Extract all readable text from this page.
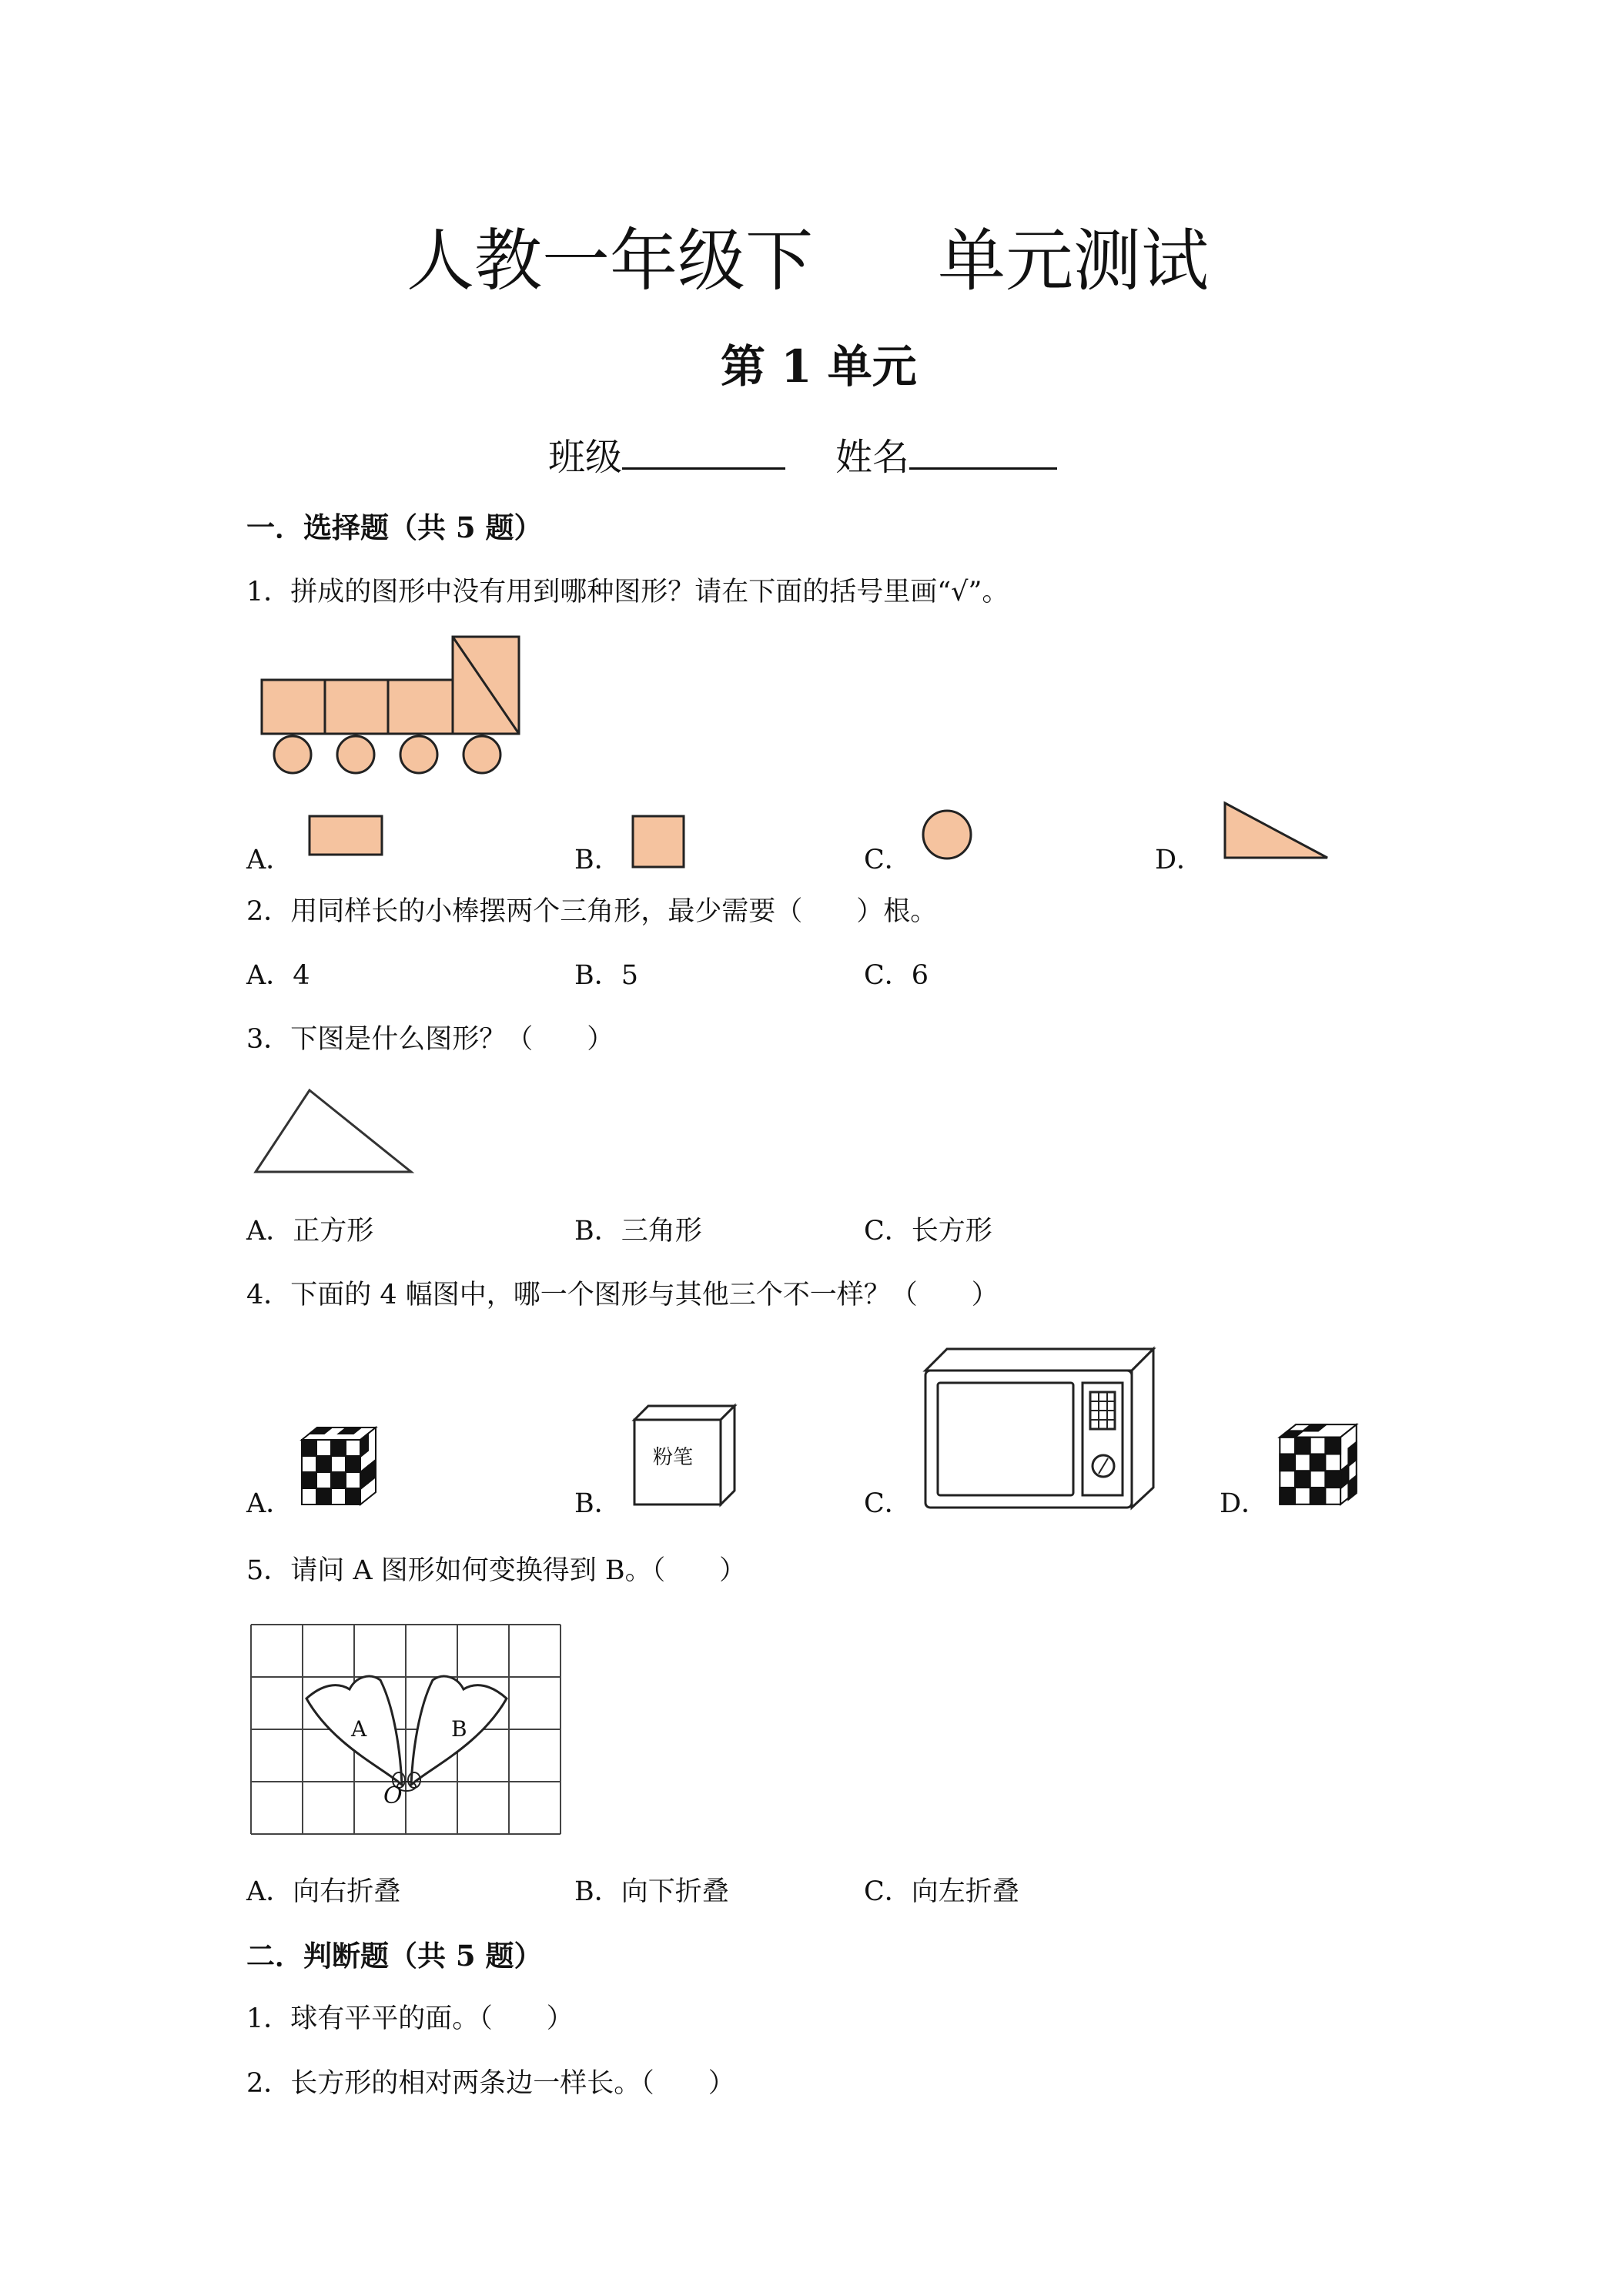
人教一年级下 单元测试
第 1 单元
班级	姓名
一．选择题（共 5 题）
1．拼成的图形中没有用到哪种图形？请在下面的括号里画“√”。
A．	B．	C．	D．
2．用同样长的小棒摆两个三角形，最少需要（　　）根。
A．4	B．5	C．6
3．下图是什么图形？（　　）
A．正方形	B．三角形	C．长方形
4．下面的 4 幅图中，哪一个图形与其他三个不一样？（　　）
A．	B．
粉笔
C．	D．
5．请问 A 图形如何变换得到 B。（　　）
A	B
O
A．向右折叠	B．向下折叠	C．向左折叠
二．判断题（共 5 题）
1．球有平平的面。（　　）
2．长方形的相对两条边一样长。（　　）
